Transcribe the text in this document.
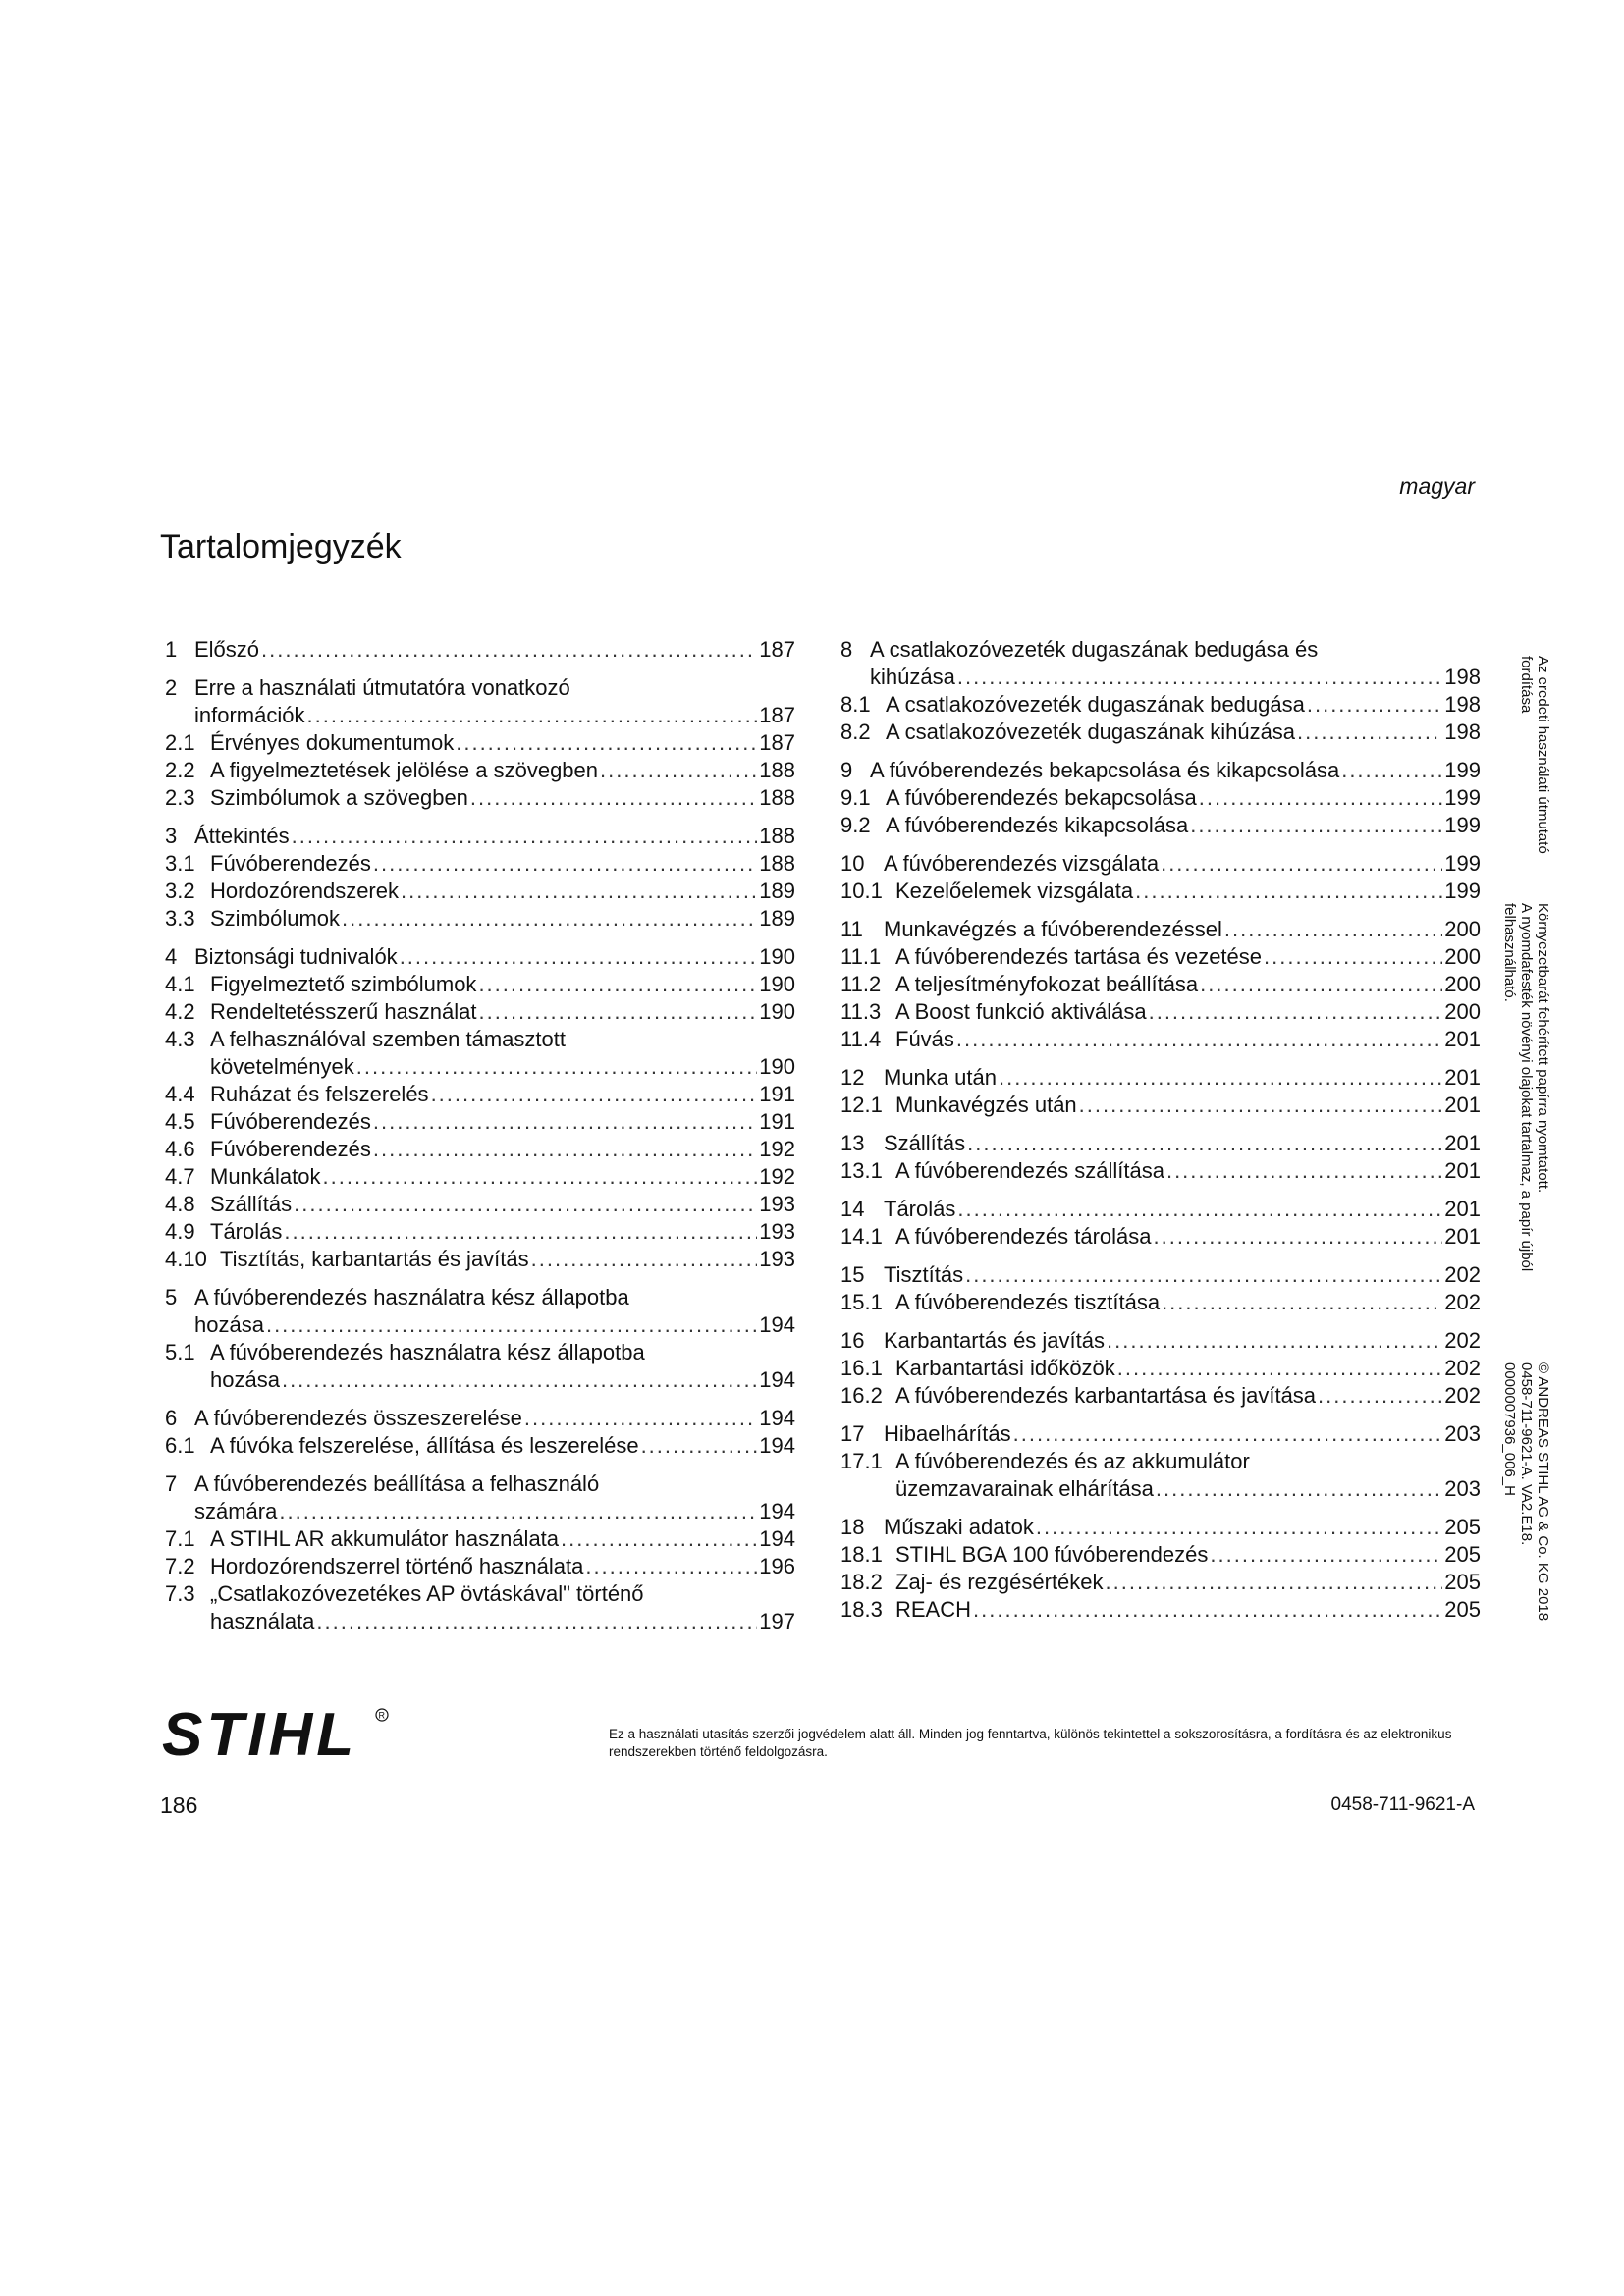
magyar
Tartalomjegyzék
1 Előszó .....	187
2 Erre a használati útmutatóra vonatkozó
információk .....	187
2.1 Érvényes dokumentumok .....	187
2.2 A figyelmeztetések jelölése a szövegben .....	188
2.3 Szimbólumok a szövegben .....	188
3 Áttekintés .....	188
3.1 Fúvóberendezés .....	188
3.2 Hordozórendszerek .....	189
3.3 Szimbólumok .....	189
4 Biztonsági tudnivalók .....	190
4.1 Figyelmeztető szimbólumok .....	190
4.2 Rendeltetésszerű használat .....	190
4.3 A felhasználóval szemben támasztott
követelmények .....	190
4.4 Ruházat és felszerelés .....	191
4.5 Fúvóberendezés .....	191
4.6 Fúvóberendezés .....	192
4.7 Munkálatok .....	192
4.8 Szállítás .....	193
4.9 Tárolás .....	193
4.10 Tisztítás, karbantartás és javítás .....	193
5 A fúvóberendezés használatra kész állapotba
hozása .....	194
5.1 A fúvóberendezés használatra kész állapotba
hozása .....	194
6 A fúvóberendezés összeszerelése .....	194
6.1 A fúvóka felszerelése, állítása és leszerelése .....	194
7 A fúvóberendezés beállítása a felhasználó
számára .....	194
7.1 A STIHL AR akkumulátor használata .....	194
7.2 Hordozórendszerrel történő használata .....	196
7.3 „Csatlakozóvezetékes AP övtáskával" történő
használata .....	197
8 A csatlakozóvezeték dugaszának bedugása és
kihúzása .....	198
8.1 A csatlakozóvezeték dugaszának bedugása .....	198
8.2 A csatlakozóvezeték dugaszának kihúzása .....	198
9 A fúvóberendezés bekapcsolása és kikapcsolása .....	199
9.1 A fúvóberendezés bekapcsolása .....	199
9.2 A fúvóberendezés kikapcsolása .....	199
10 A fúvóberendezés vizsgálata .....	199
10.1 Kezelőelemek vizsgálata .....	199
11 Munkavégzés a fúvóberendezéssel .....	200
11.1 A fúvóberendezés tartása és vezetése .....	200
11.2 A teljesítményfokozat beállítása .....	200
11.3 A Boost funkció aktiválása .....	200
11.4 Fúvás .....	201
12 Munka után .....	201
12.1 Munkavégzés után .....	201
13 Szállítás .....	201
13.1 A fúvóberendezés szállítása .....	201
14 Tárolás .....	201
14.1 A fúvóberendezés tárolása .....	201
15 Tisztítás .....	202
15.1 A fúvóberendezés tisztítása .....	202
16 Karbantartás és javítás .....	202
16.1 Karbantartási időközök .....	202
16.2 A fúvóberendezés karbantartása és javítása .....	202
17 Hibaelhárítás .....	203
17.1 A fúvóberendezés és az akkumulátor
üzemzavarainak elhárítása .....	203
18 Műszaki adatok .....	205
18.1 STIHL BGA 100 fúvóberendezés .....	205
18.2 Zaj- és rezgésértékek .....	205
18.3 REACH .....	205
Az eredeti használati útmutató
fordítása
Környezetbarát fehérített papírra nyomtatott.
A nyomdafesték növényi olajokat tartalmaz, a papír újból
felhasználható.
© ANDREAS STIHL AG & Co. KG 2018
0458-711-9621-A. VA2.E18.
0000007936_006_H
STIHL R
Ez a használati utasítás szerzői jogvédelem alatt áll. Minden jog fenntartva, különös tekintettel a sokszorosításra, a fordításra és az elektronikus rendszerekben történő feldolgozásra.
186	0458-711-9621-A
